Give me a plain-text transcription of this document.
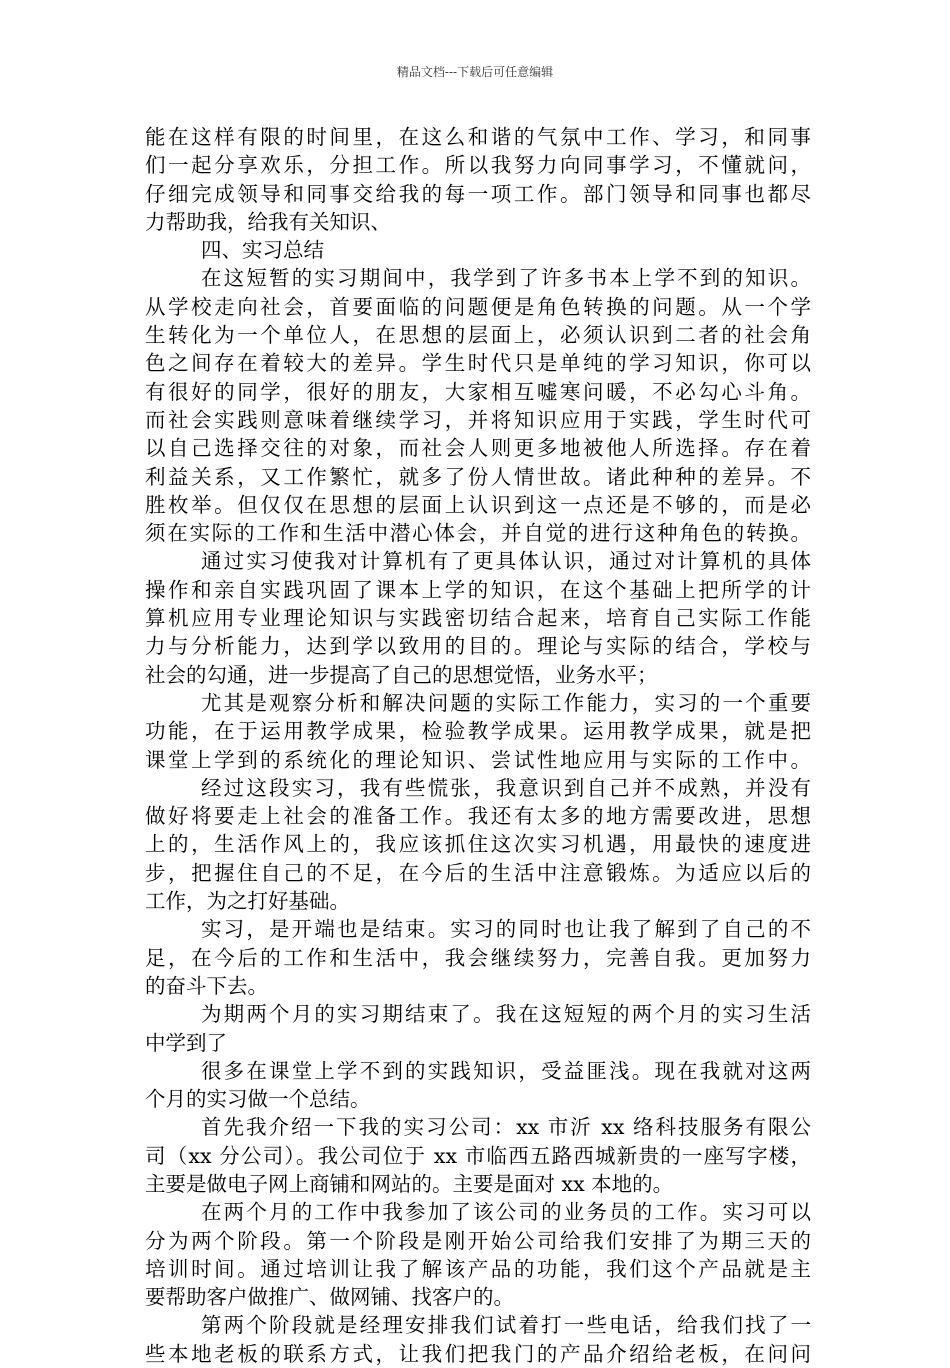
精品文档---下载后可任意编辑
能在这样有限的时间里，在这么和谐的气氛中工作、学习，和同事
们一起分享欢乐，分担工作。所以我努力向同事学习，不懂就问，
仔细完成领导和同事交给我的每一项工作。部门领导和同事也都尽
力帮助我，给我有关知识、
四、实习总结
在这短暂的实习期间中，我学到了许多书本上学不到的知识。
从学校走向社会，首要面临的问题便是角色转换的问题。从一个学
生转化为一个单位人，在思想的层面上，必须认识到二者的社会角
色之间存在着较大的差异。学生时代只是单纯的学习知识，你可以
有很好的同学，很好的朋友，大家相互嘘寒问暖，不必勾心斗角。
而社会实践则意味着继续学习，并将知识应用于实践，学生时代可
以自己选择交往的对象，而社会人则更多地被他人所选择。存在着
利益关系，又工作繁忙，就多了份人情世故。诸此种种的差异。不
胜枚举。但仅仅在思想的层面上认识到这一点还是不够的，而是必
须在实际的工作和生活中潜心体会，并自觉的进行这种角色的转换。
通过实习使我对计算机有了更具体认识，通过对计算机的具体
操作和亲自实践巩固了课本上学的知识，在这个基础上把所学的计
算机应用专业理论知识与实践密切结合起来，培育自己实际工作能
力与分析能力，达到学以致用的目的。理论与实际的结合，学校与
社会的勾通，进一步提高了自己的思想觉悟，业务水平；
尤其是观察分析和解决问题的实际工作能力，实习的一个重要
功能，在于运用教学成果，检验教学成果。运用教学成果，就是把
课堂上学到的系统化的理论知识、尝试性地应用与实际的工作中。
经过这段实习，我有些慌张，我意识到自己并不成熟，并没有
做好将要走上社会的准备工作。我还有太多的地方需要改进，思想
上的，生活作风上的，我应该抓住这次实习机遇，用最快的速度进
步，把握住自己的不足，在今后的生活中注意锻炼。为适应以后的
工作，为之打好基础。
实习，是开端也是结束。实习的同时也让我了解到了自己的不
足，在今后的工作和生活中，我会继续努力，完善自我。更加努力
的奋斗下去。
为期两个月的实习期结束了。我在这短短的两个月的实习生活
中学到了
很多在课堂上学不到的实践知识，受益匪浅。现在我就对这两
个月的实习做一个总结。
首先我介绍一下我的实习公司：xx 市沂 xx 络科技服务有限公
司（xx 分公司）。我公司位于 xx 市临西五路西城新贵的一座写字楼，
主要是做电子网上商铺和网站的。主要是面对 xx 本地的。
在两个月的工作中我参加了该公司的业务员的工作。实习可以
分为两个阶段。第一个阶段是刚开始公司给我们安排了为期三天的
培训时间。通过培训让我了解该产品的功能，我们这个产品就是主
要帮助客户做推广、做网铺、找客户的。
第两个阶段就是经理安排我们试着打一些电话，给我们找了一
些本地老板的联系方式，让我们把我门的产品介绍给老板，在问问
